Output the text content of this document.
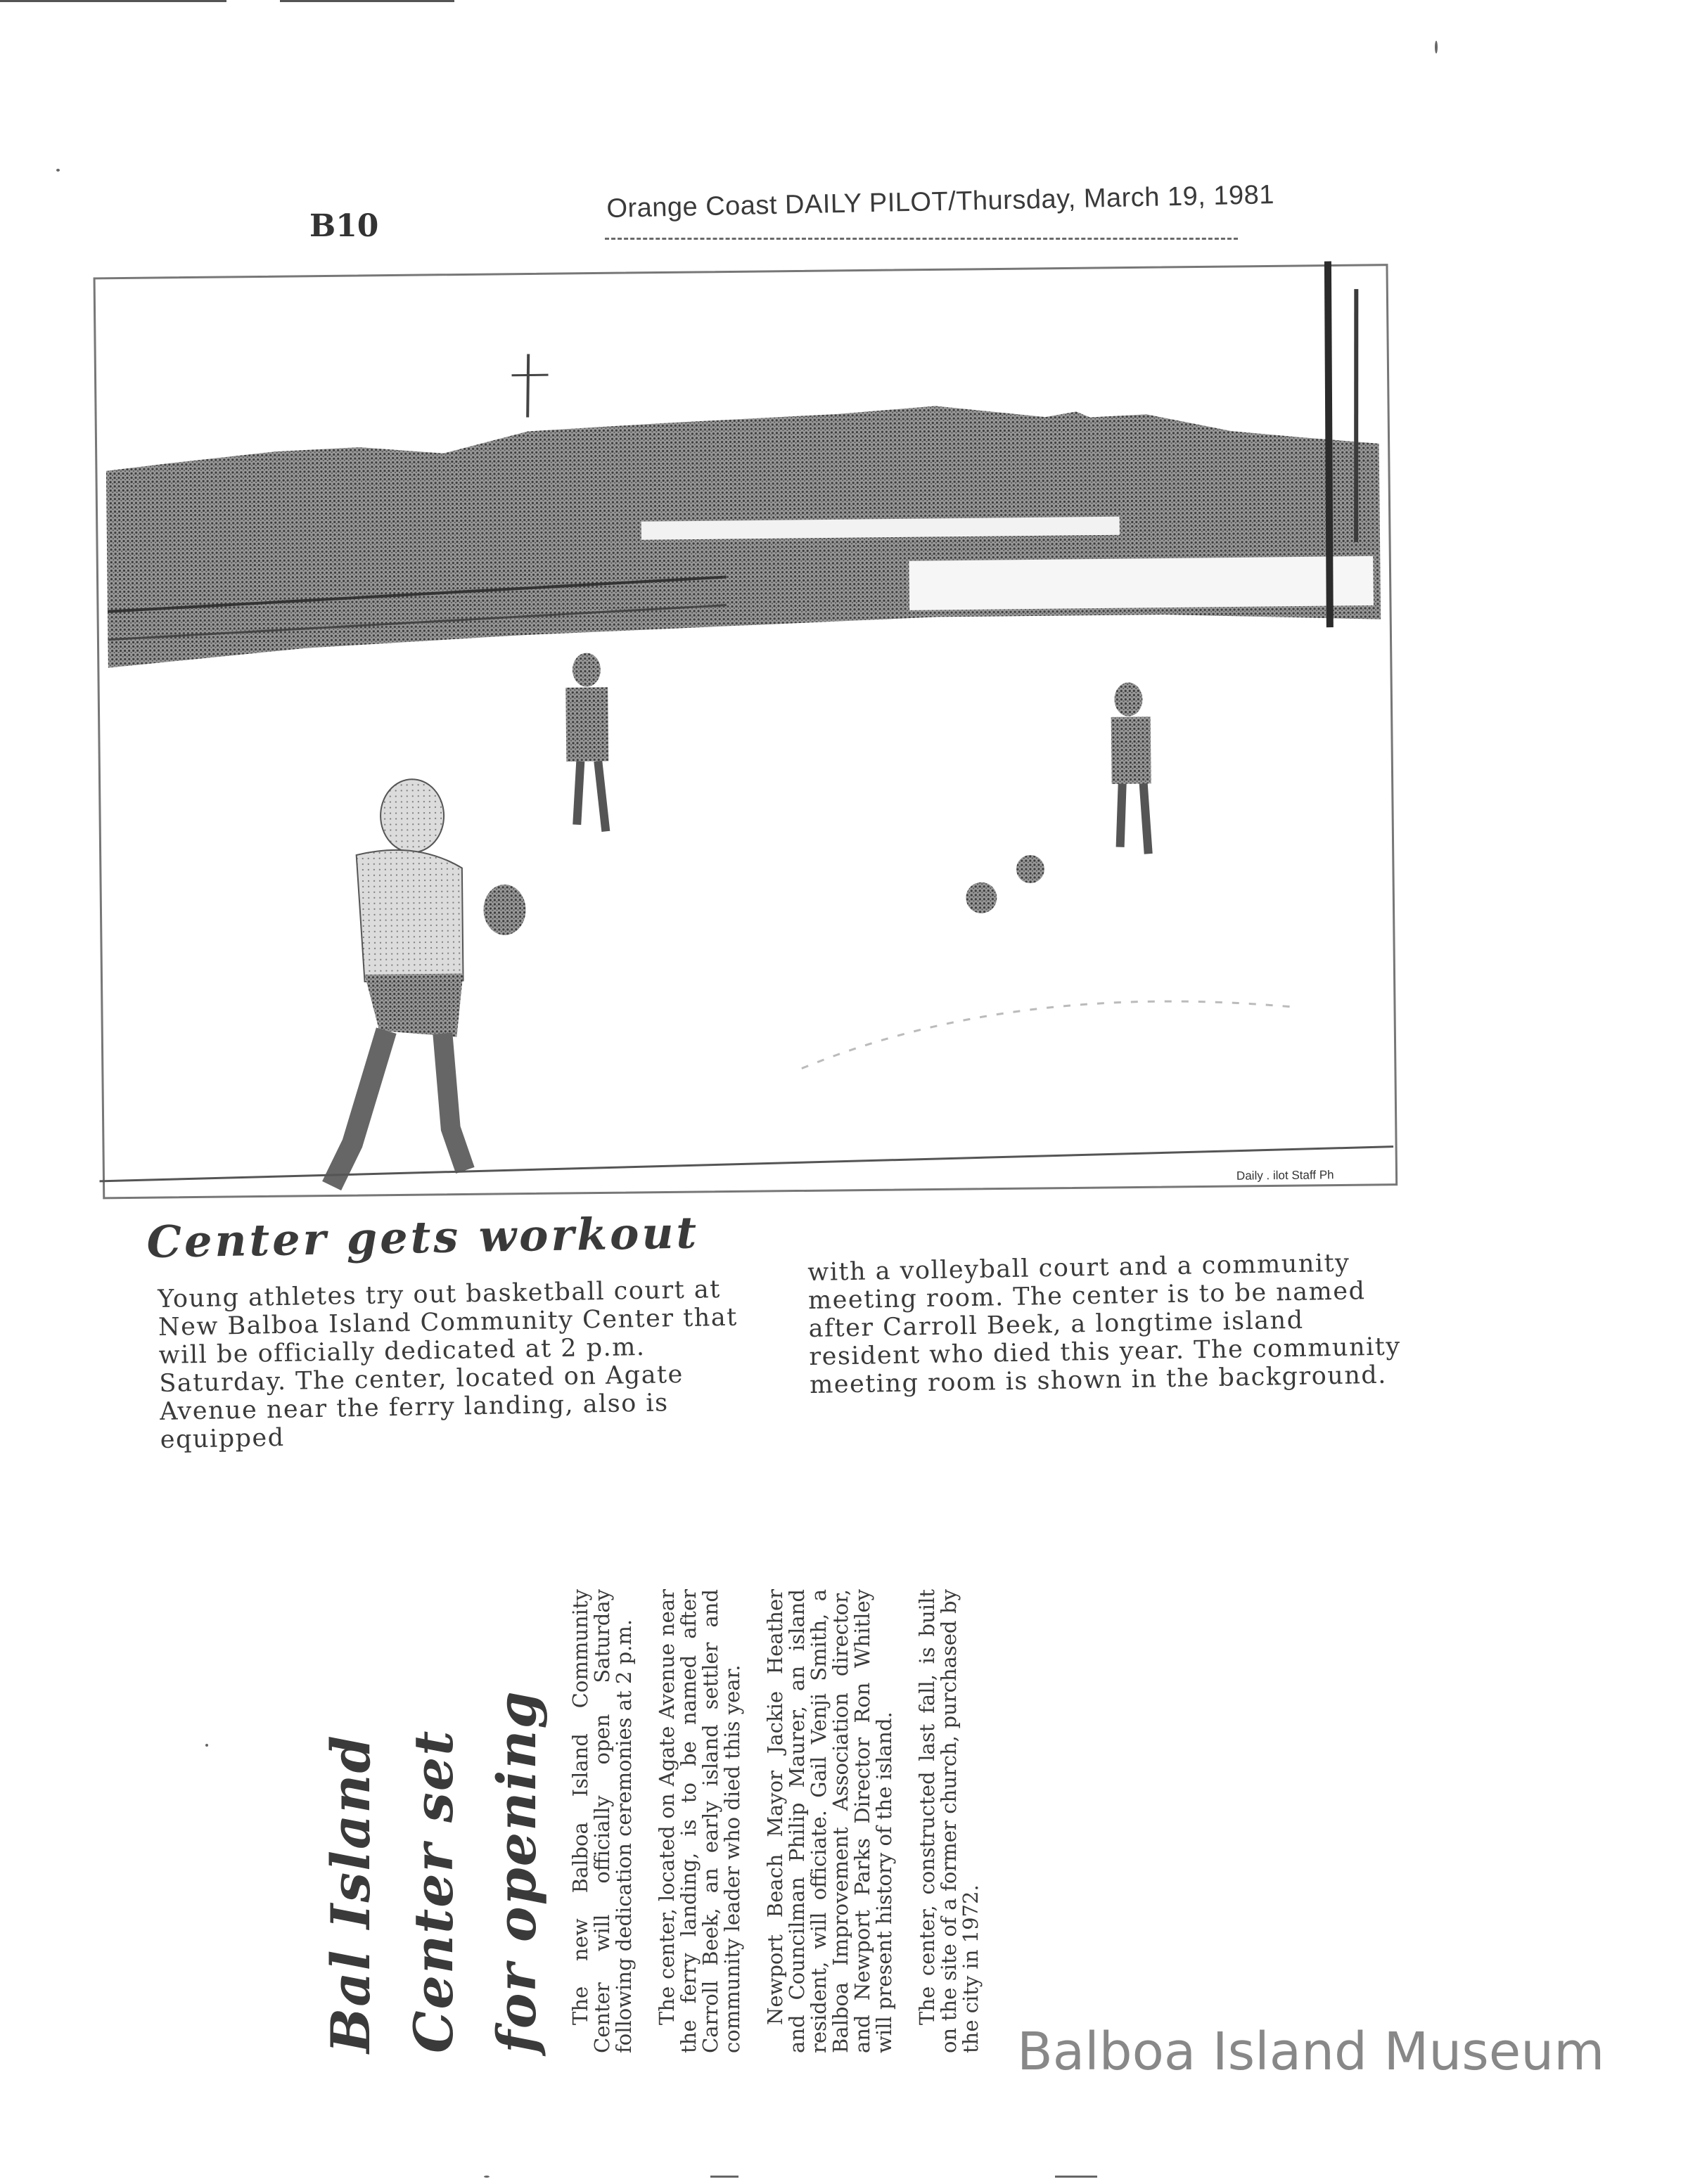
B10
Orange Coast DAILY PILOT/Thursday, March 19, 1981
Daily . ilot Staff Ph
Center gets workout
Young athletes try out basketball court at New Balboa Island Community Center that will be officially dedicated at 2 p.m. Saturday. The center, located on Agate Avenue near the ferry landing, also is equipped
with a volleyball court and a community meeting room. The center is to be named after Carroll Beek, a longtime island resident who died this year. The community meeting room is shown in the background.
Bal Island Center set for opening	The new Balboa Island Community Center will officially open Saturday following dedication ceremonies at 2 p.m. The center, located on Agate Avenue near the ferry landing, is to be named after Carroll Beek, an early island settler and community leader who died this year. Newport Beach Mayor Jackie Heather and Councilman Philip Maurer, an island resident, will officiate. Gail Venji Smith, a Balboa Improvement Association director, and Newport Parks Director Ron Whitley will present history of the island. The center, constructed last fall, is built on the site of a former church, purchased by the city in 1972. Balboa Island Museum
